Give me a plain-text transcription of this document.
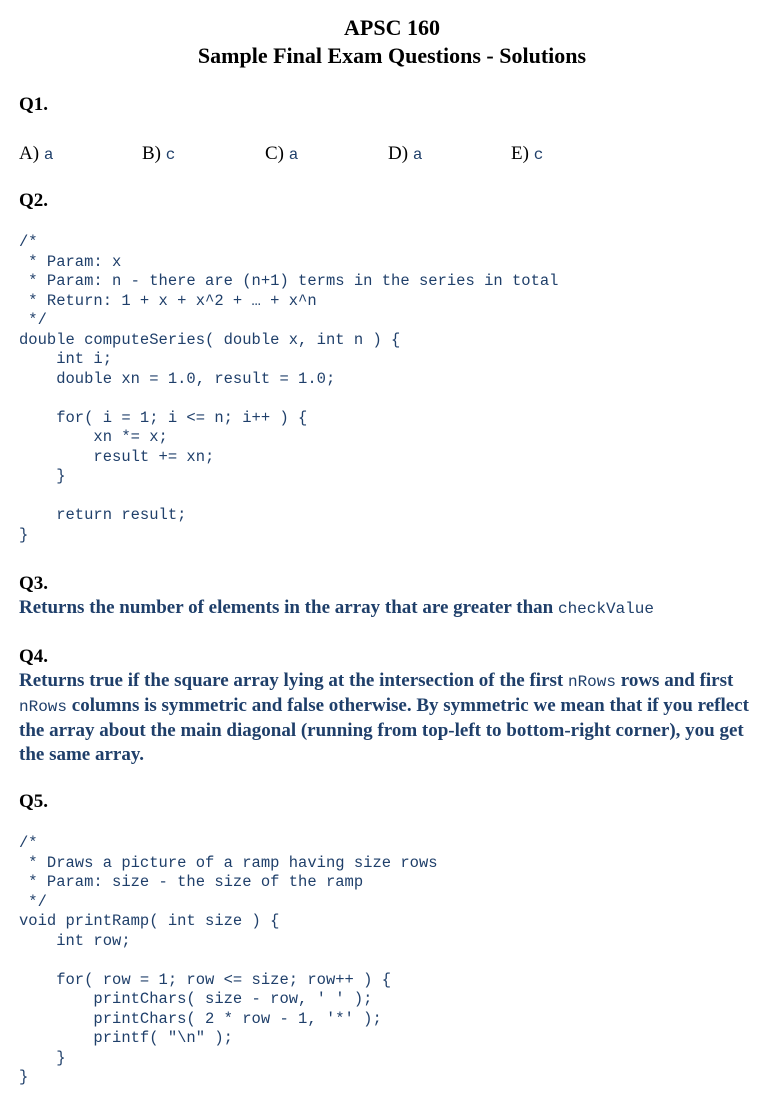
APSC 160
Sample Final Exam Questions - Solutions
Q1.
A) a	B) c	C) a	D) a	E) c
Q2.
/*
* Param: x
* Param: n - there are (n+1) terms in the series in total
* Return: 1 + x + x^2 + … + x^n
*/
double computeSeries( double x, int n ) {
int i;
double xn = 1.0, result = 1.0;

for( i = 1; i <= n; i++ ) {
xn *= x;
result += xn;
}

return result;
}
Q3.
Returns the number of elements in the array that are greater than checkValue
Q4.
Returns true if the square array lying at the intersection of the first nRows rows and first nRows columns is symmetric and false otherwise. By symmetric we mean that if you reflect the array about the main diagonal (running from top-left to bottom-right corner), you get the same array.
Q5.
/*
* Draws a picture of a ramp having size rows
* Param: size - the size of the ramp
*/
void printRamp( int size ) {
int row;

for( row = 1; row <= size; row++ ) {
printChars( size - row, ' ' );
printChars( 2 * row - 1, '*' );
printf( "\n" );
}
}
